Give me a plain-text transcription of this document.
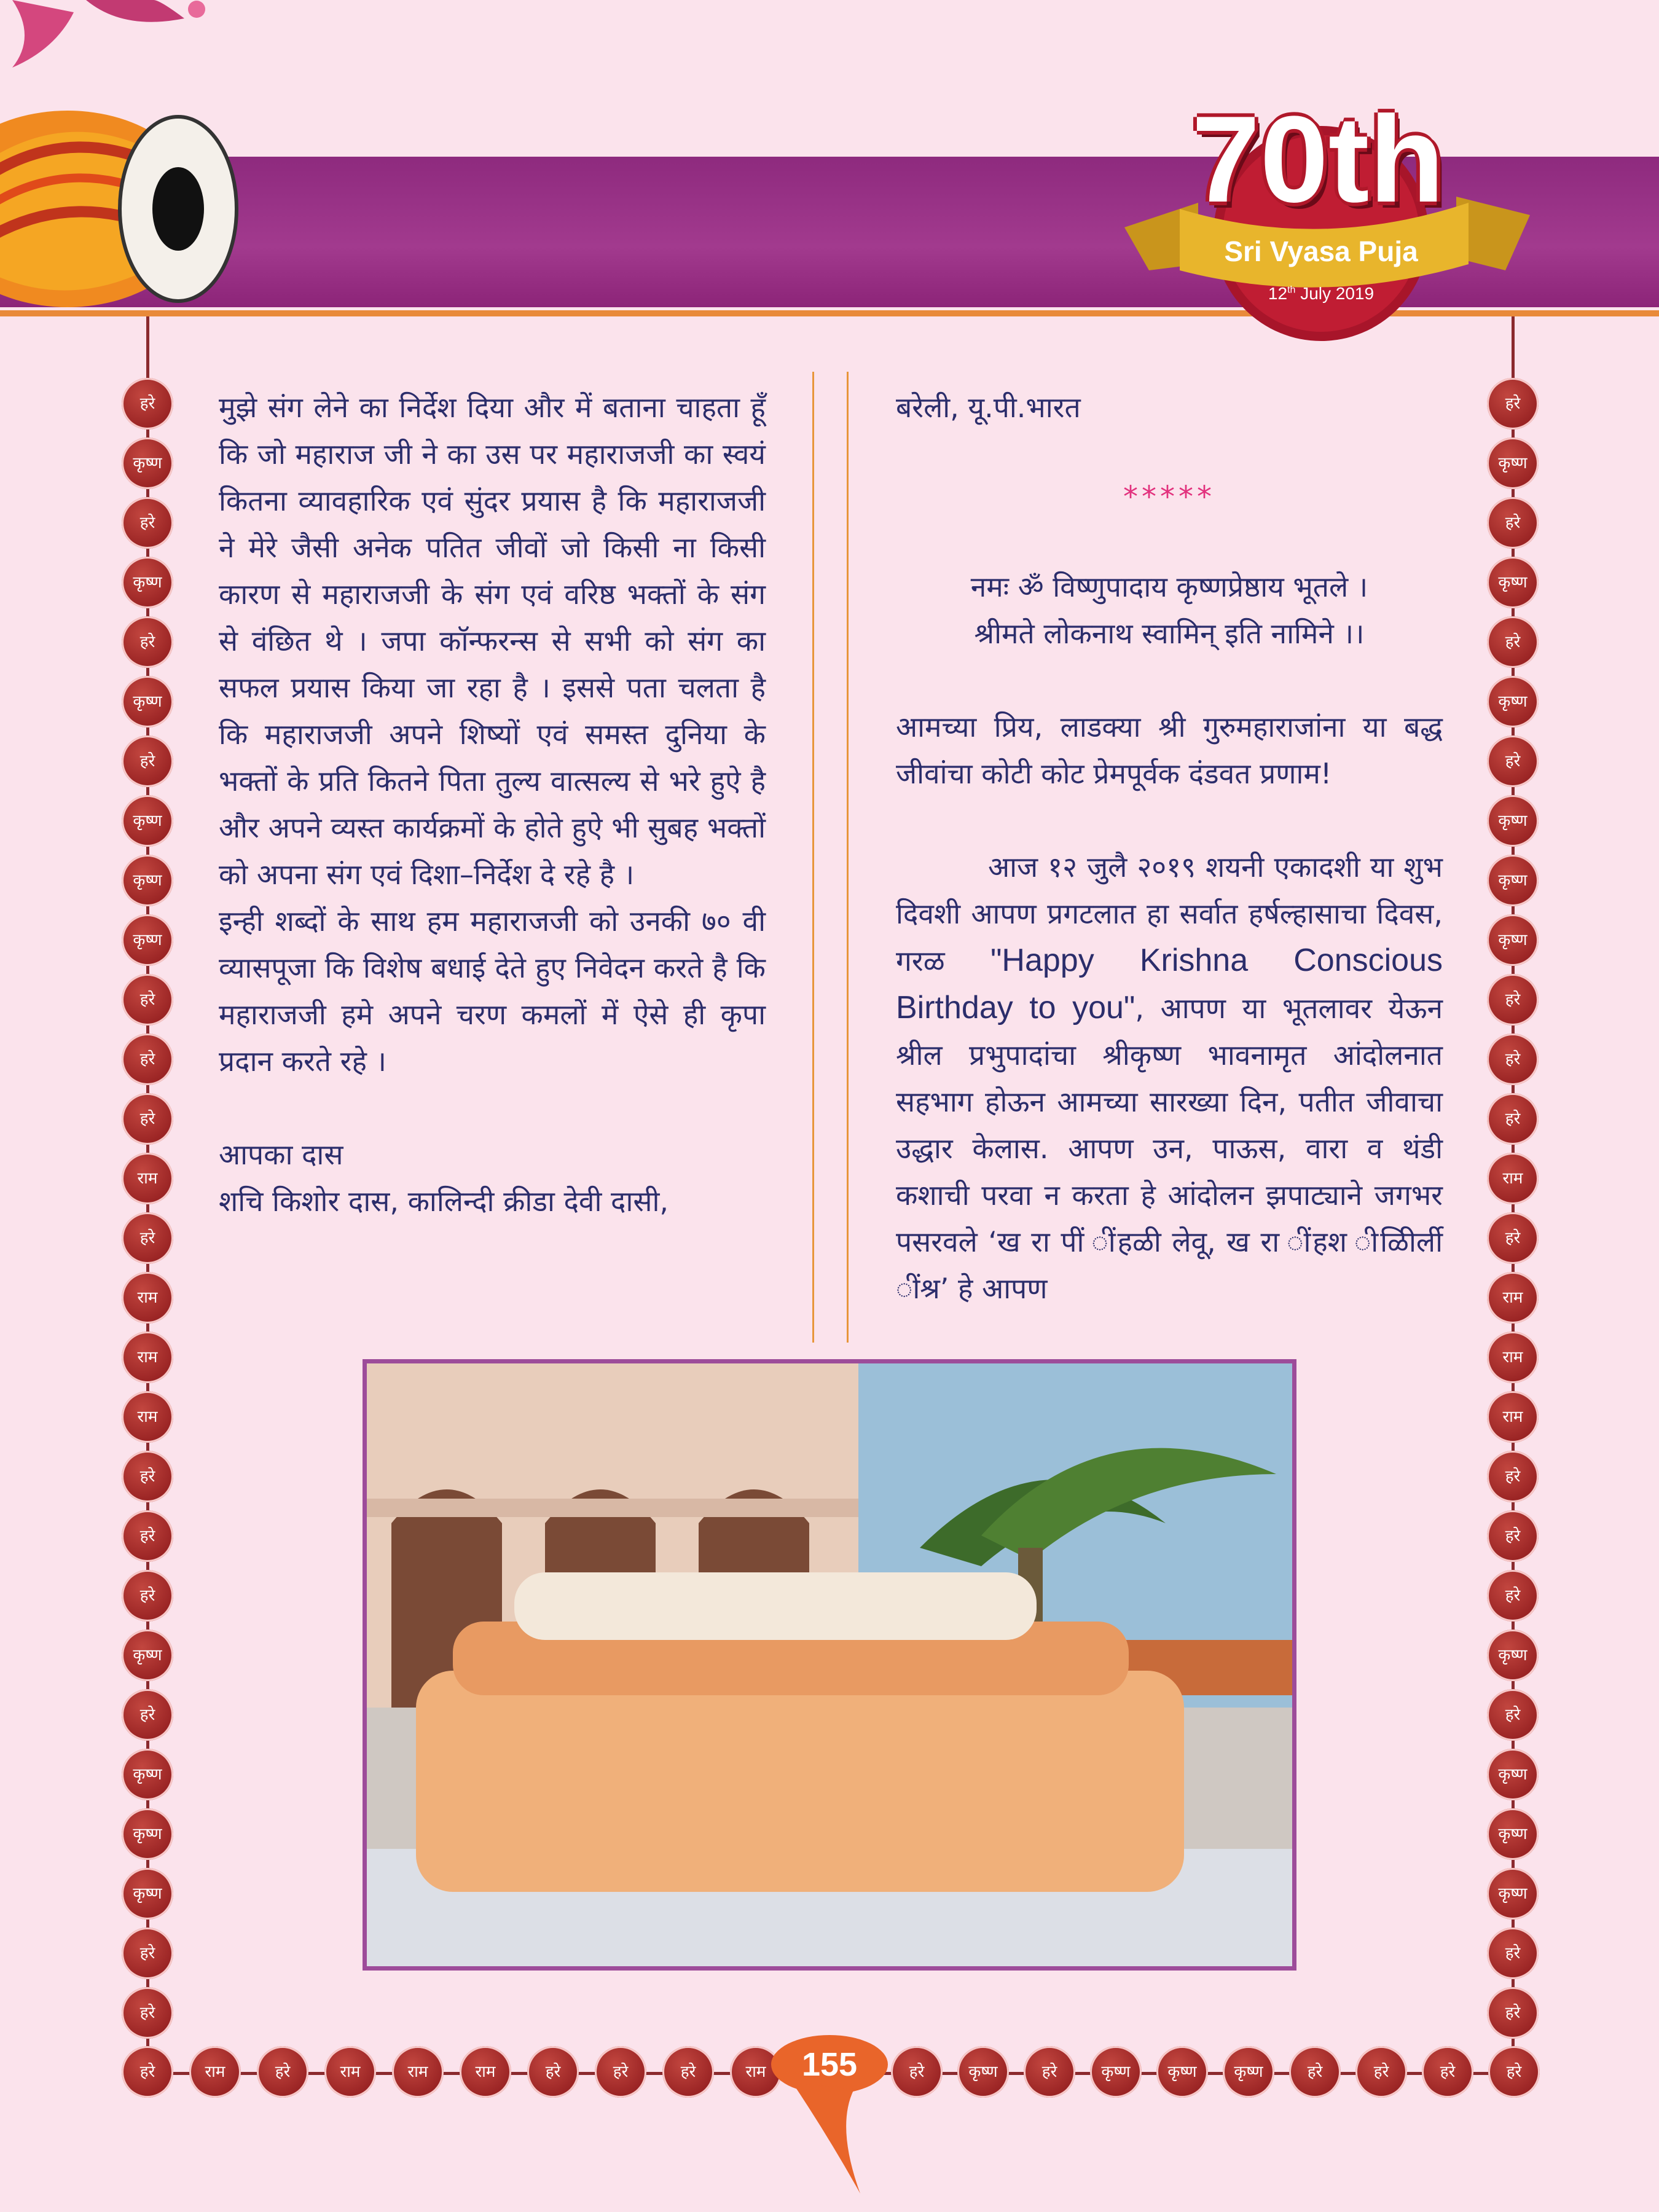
70th
Sri Vyasa Puja
12th July 2019
हरे
कृष्ण
हरे
कृष्ण
हरे
कृष्ण
हरे
कृष्ण
कृष्ण
कृष्ण
हरे
हरे
हरे
राम
हरे
राम
राम
राम
हरे
हरे
हरे
कृष्ण
हरे
कृष्ण
कृष्ण
कृष्ण
हरे
हरे
हरे
कृष्ण
हरे
कृष्ण
हरे
कृष्ण
हरे
कृष्ण
कृष्ण
कृष्ण
हरे
हरे
हरे
राम
हरे
राम
राम
राम
हरे
हरे
हरे
कृष्ण
हरे
कृष्ण
कृष्ण
कृष्ण
हरे
हरे
हरे	राम	हरे	राम	राम	राम	हरे	हरे	हरे	राम	हरे	कृष्ण	हरे	कृष्ण	कृष्ण	कृष्ण	हरे	हरे	हरे	हरे

मुझे संग लेने का निर्देश दिया और में बताना चाहता हूँ कि जो महाराज जी ने का उस पर महाराजजी का स्वयं कितना व्यावहारिक एवं सुंदर प्रयास है कि महाराजजी ने मेरे जैसी अनेक पतित जीवों जो किसी ना किसी कारण से महाराजजी के संग एवं वरिष्ठ भक्तों के संग से वंछित थे । जपा कॉन्फरन्स से सभी को संग का सफल प्रयास किया जा रहा है । इससे पता चलता है कि महाराजजी अपने शिष्यों एवं समस्त दुनिया के भक्तों के प्रति कितने पिता तुल्य वात्सल्य से भरे हुऐ है और अपने व्यस्त कार्यक्रमों के होते हुऐ भी सुबह भक्तों को अपना संग एवं दिशा–निर्देश दे रहे है ।

इन्ही शब्दों के साथ हम महाराजजी को उनकी ७० वी व्यासपूजा कि विशेष बधाई देते हुए निवेदन करते है कि महाराजजी हमे अपने चरण कमलों में ऐसे ही कृपा प्रदान करते रहे ।

आपका दास

शचि किशोर दास, कालिन्दी क्रीडा देवी दासी,

बरेली, यू.पी.भारत

*****

नमः ॐ विष्णुपादाय कृष्णप्रेष्ठाय भूतले ।

श्रीमते लोकनाथ स्वामिन् इति नामिने ।।

आमच्या प्रिय, लाडक्या श्री गुरुमहाराजांना या बद्ध जीवांचा कोटी कोट प्रेमपूर्वक दंडवत प्रणाम!

आज १२ जुलै २०१९ शयनी एकादशी या शुभ दिवशी आपण प्रगटलात हा सर्वात हर्षल्हासाचा दिवस, गरळ "Happy Krishna Conscious Birthday to you", आपण या भूतलावर येऊन श्रील प्रभुपादांचा श्रीकृष्ण भावनामृत आंदोलनात सहभाग होऊन आमच्या सारख्या दिन, पतीत जीवाचा उद्धार केलास. आपण उन, पाऊस, वारा व थंडी कशाची परवा न करता हे आंदोलन झपाट्याने जगभर पसरवले ‘ख रा पीं ींहळी लेवू, ख रा ींहश ीळिीर्ली ींश्र’ हे आपण

155
